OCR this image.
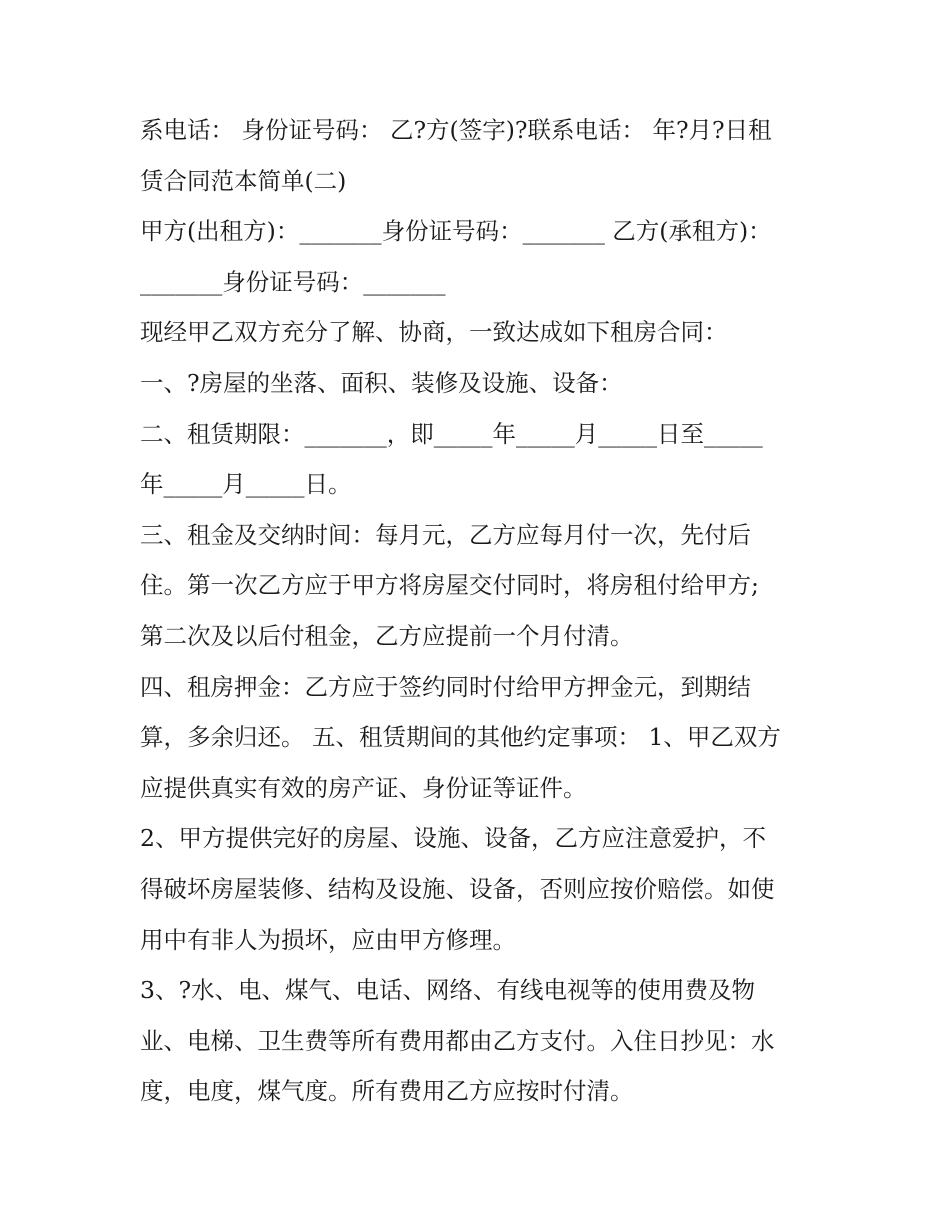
系电话： 身份证号码： 乙?方(签字)?联系电话： 年?月?日租
赁合同范本简单(二)
甲方(出租方)：_______身份证号码：_______ 乙方(承租方)：
_______身份证号码：_______
现经甲乙双方充分了解、协商，一致达成如下租房合同：
一、?房屋的坐落、面积、装修及设施、设备：
二、租赁期限：_______，即_____年_____月_____日至_____
年_____月_____日。
三、租金及交纳时间：每月元，乙方应每月付一次，先付后
住。第一次乙方应于甲方将房屋交付同时，将房租付给甲方;
第二次及以后付租金，乙方应提前一个月付清。
四、租房押金：乙方应于签约同时付给甲方押金元，到期结
算，多余归还。 五、租赁期间的其他约定事项： 1、甲乙双方
应提供真实有效的房产证、身份证等证件。
2、甲方提供完好的房屋、设施、设备，乙方应注意爱护，不
得破坏房屋装修、结构及设施、设备，否则应按价赔偿。如使
用中有非人为损坏，应由甲方修理。
3、?水、电、煤气、电话、网络、有线电视等的使用费及物
业、电梯、卫生费等所有费用都由乙方支付。入住日抄见：水
度，电度，煤气度。所有费用乙方应按时付清。
